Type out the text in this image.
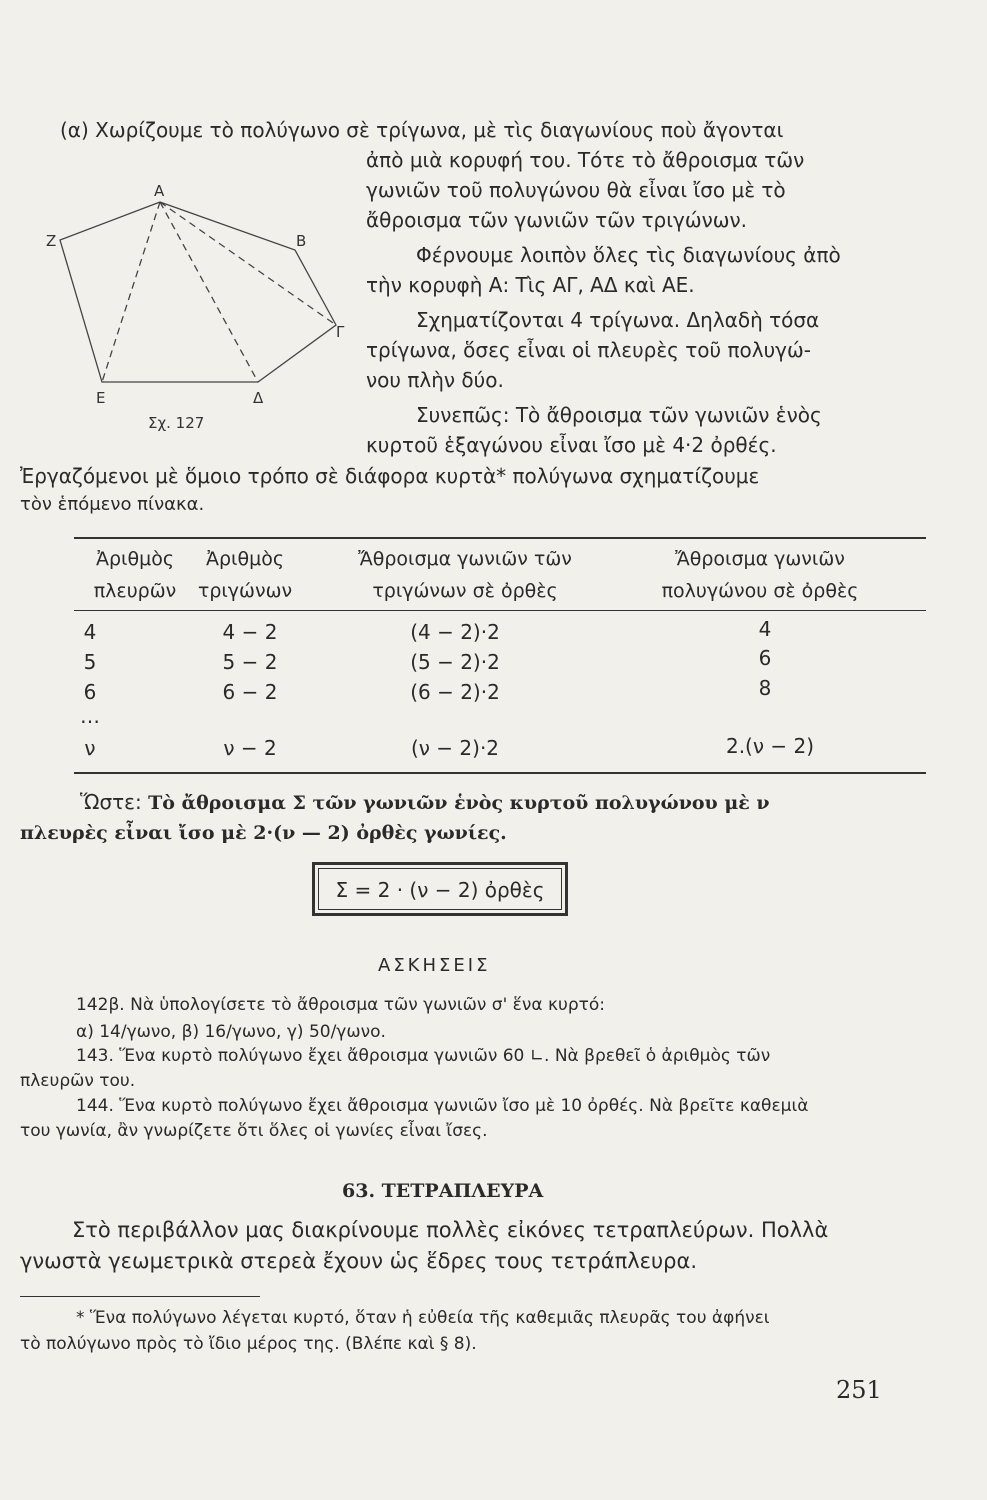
(α) Χωρίζουμε τὸ πολύγωνο σὲ τρίγωνα, μὲ τὶς διαγωνίους ποὺ ἄγονται
ἀπὸ μιὰ κορυφή του. Τότε τὸ ἄθροισμα τῶν
γωνιῶν τοῦ πολυγώνου θὰ εἶναι ἴσο μὲ τὸ
ἄθροισμα τῶν γωνιῶν τῶν τριγώνων.
Φέρνουμε λοιπὸν ὅλες τὶς διαγωνίους ἀπὸ
τὴν κορυφὴ Α: Τὶς ΑΓ, ΑΔ καὶ ΑΕ.
Σχηματίζονται 4 τρίγωνα. Δηλαδὴ τόσα
τρίγωνα, ὅσες εἶναι οἱ πλευρὲς τοῦ πολυγώ-
νου πλὴν δύο.
Συνεπῶς: Τὸ ἄθροισμα τῶν γωνιῶν ἑνὸς
κυρτοῦ ἑξαγώνου εἶναι ἴσο μὲ 4·2 ὀρθές.
Ἐργαζόμενοι μὲ ὅμοιο τρόπο σὲ διάφορα κυρτὰ* πολύγωνα σχηματίζουμε
τὸν ἑπόμενο πίνακα.
Α
Β
Γ
Δ
Ε
Ζ
Σχ. 127
Ἀριθμὸς
πλευρῶν
Ἀριθμὸς
τριγώνων
Ἄθροισμα γωνιῶν τῶν
τριγώνων σὲ ὀρθὲς
Ἄθροισμα γωνιῶν
πολυγώνου σὲ ὀρθὲς
4	4 − 2	(4 − 2)·2	4
5	5 − 2	(5 − 2)·2	6
6	6 − 2	(6 − 2)·2	8
…
ν	ν − 2	(ν − 2)·2	2.(ν − 2)
Ὥστε: Τὸ ἄθροισμα Σ τῶν γωνιῶν ἑνὸς κυρτοῦ πολυγώνου μὲ ν
πλευρὲς εἶναι ἴσο μὲ 2·(ν — 2) ὀρθὲς γωνίες.
Σ = 2 · (ν − 2) ὀρθὲς
ΑΣΚΗΣΕΙΣ
142β. Νὰ ὑπολογίσετε τὸ ἄθροισμα τῶν γωνιῶν σ' ἕνα κυρτό:
α) 14/γωνο, β) 16/γωνο, γ) 50/γωνο.
143. Ἕνα κυρτὸ πολύγωνο ἔχει ἄθροισμα γωνιῶν 60 ∟. Νὰ βρεθεῖ ὁ ἀριθμὸς τῶν
πλευρῶν του.
144. Ἕνα κυρτὸ πολύγωνο ἔχει ἄθροισμα γωνιῶν ἴσο μὲ 10 ὀρθές. Νὰ βρεῖτε καθεμιὰ
του γωνία, ἂν γνωρίζετε ὅτι ὅλες οἱ γωνίες εἶναι ἴσες.
63. ΤΕΤΡΑΠΛΕΥΡΑ
Στὸ περιβάλλον μας διακρίνουμε πολλὲς εἰκόνες τετραπλεύρων. Πολλὰ
γνωστὰ γεωμετρικὰ στερεὰ ἔχουν ὡς ἕδρες τους τετράπλευρα.
* Ἕνα πολύγωνο λέγεται κυρτό, ὅταν ἡ εὐθεία τῆς καθεμιᾶς πλευρᾶς του ἀφήνει
τὸ πολύγωνο πρὸς τὸ ἴδιο μέρος της. (Βλέπε καὶ § 8).
251
